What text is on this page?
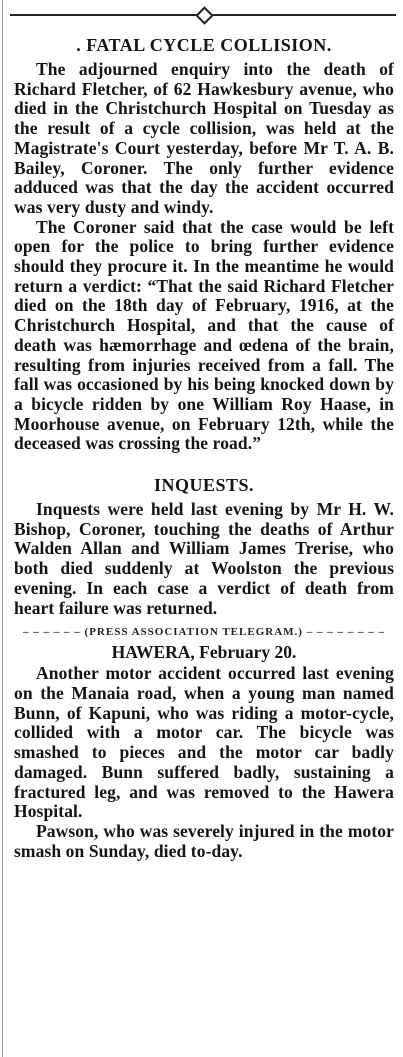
. FATAL CYCLE COLLISION.

The adjourned enquiry into the death of Richard Fletcher, of 62 Hawkesbury avenue, who died in the Christchurch Hospital on Tuesday as the result of a cycle collision, was held at the Magistrate's Court yesterday, before Mr T. A. B. Bailey, Coroner. The only further evidence adduced was that the day the accident occurred was very dusty and windy.

The Coroner said that the case would be left open for the police to bring further evidence should they procure it. In the meantime he would return a verdict: “That the said Richard Fletcher died on the 18th day of February, 1916, at the Christchurch Hospital, and that the cause of death was hæmorrhage and œdena of the brain, resulting from injuries received from a fall. The fall was occasioned by his being knocked down by a bicycle ridden by one William Roy Haase, in Moorhouse avenue, on February 12th, while the deceased was crossing the road.”

INQUESTS.

Inquests were held last evening by Mr H. W. Bishop, Coroner, touching the deaths of Arthur Walden Allan and William James Trerise, who both died suddenly at Woolston the previous evening. In each case a verdict of death from heart failure was returned.

– – – – – – (PRESS ASSOCIATION TELEGRAM.) – – – – – – – –
HAWERA, February 20.

Another motor accident occurred last evening on the Manaia road, when a young man named Bunn, of Kapuni, who was riding a motor-cycle, collided with a motor car. The bicycle was smashed to pieces and the motor car badly damaged. Bunn suffered badly, sustaining a fractured leg, and was removed to the Hawera Hospital.

Pawson, who was severely injured in the motor smash on Sunday, died to-day.
